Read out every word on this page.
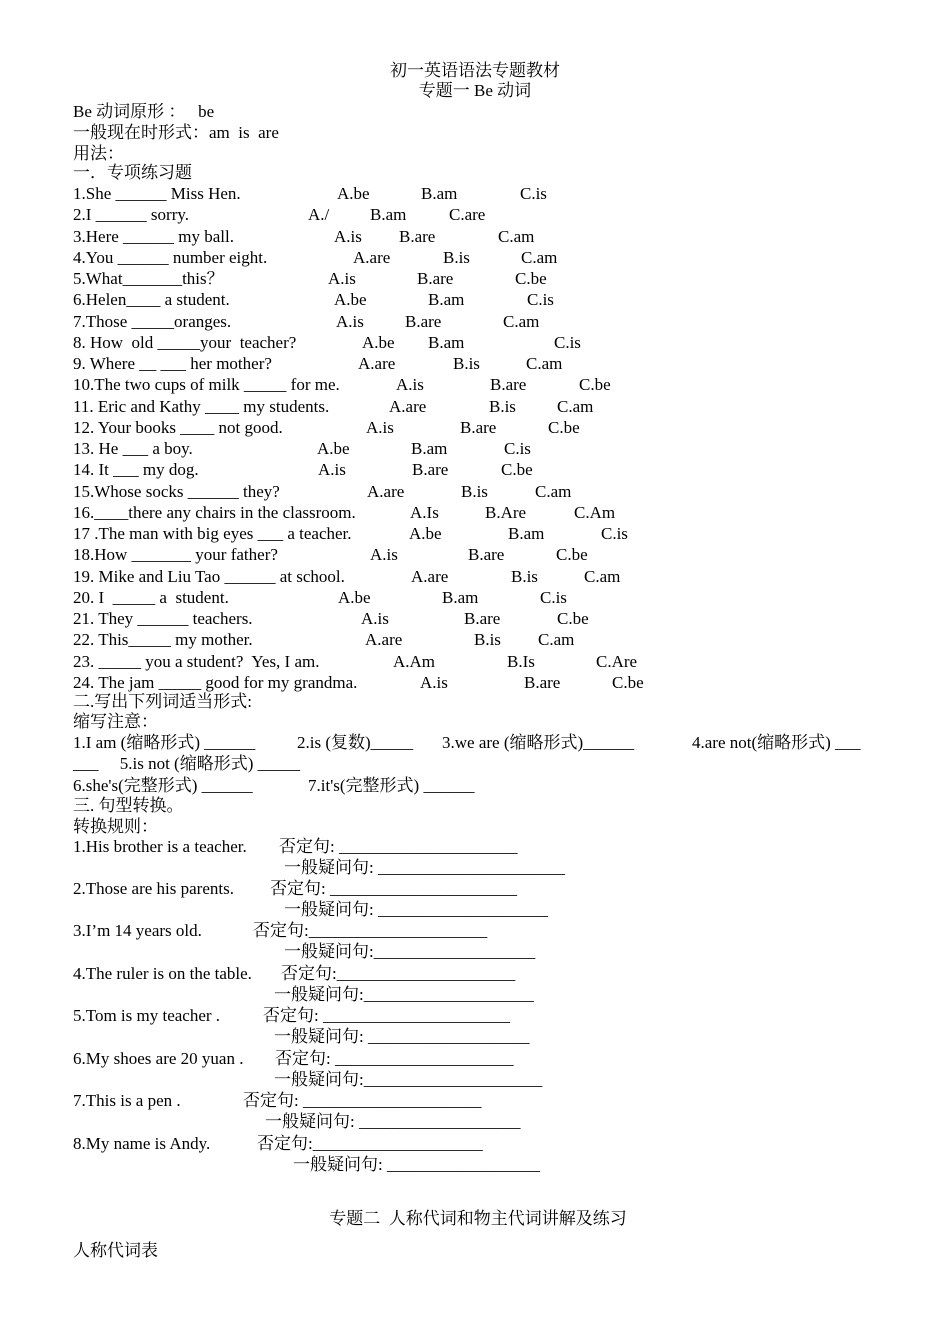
初一英语语法专题教材
专题一 Be 动词
Be 动词原形 ：   be
一般现在时形式：am  is  are
用法：
一．专项练习题
1.She ______ Miss Hen.	A.be	B.am	C.is
2.I ______ sorry.	A./ B.am	C.are
3.Here ______ my ball.	A.is B.are	C.am
4.You ______ number eight.	A.are	B.is	C.am
5.What_______this？	A.is	B.are	C.be
6.Helen____ a student.	A.be	B.am	C.is
7.Those _____oranges.	A.is B.are	C.am
8. How  old _____your  teacher?	A.be B.am	C.is
9. Where __ ___ her mother?	A.are	B.is	C.am
10.The two cups of milk _____ for me.	A.is	B.are	C.be
11. Eric and Kathy ____ my students.	A.are	B.is C.am
12. Your books ____ not good.	A.is	B.are	C.be
13. He ___ a boy.	A.be	B.am	C.is
14. It ___ my dog.	A.is	B.are	C.be
15.Whose socks ______ they?	A.are	B.is	C.am
16.____there any chairs in the classroom.	A.Is	B.Are	C.Am
17 .The man with big eyes ___ a teacher.	A.be	B.am	C.is
18.How _______ your father?	A.is	B.are	C.be
19. Mike and Liu Tao ______ at school.	A.are	B.is	C.am
20. I  _____ a  student.	A.be	B.am	C.is
21. They ______ teachers.	A.is	B.are	C.be
22. This_____ my mother.	A.are	B.is C.am
23. _____ you a student?  Yes, I am.	A.Am	B.Is	C.Are
24. The jam _____ good for my grandma.	A.is	B.are	C.be
二.写出下列词适当形式:
缩写注意：
1.I am (缩略形式) ______ 2.is (复数)_____ 3.we are (缩略形式)______	4.are not(缩略形式) ___
___     5.is not (缩略形式) _____
6.she's(完整形式) ______	7.it's(完整形式) ______
三. 句型转换。
转换规则：
1.His brother is a teacher. 否定句: _____________________
一般疑问句: ______________________
2.Those are his parents. 否定句: ______________________
一般疑问句: ____________________
3.I’m 14 years old.	否定句:_____________________
一般疑问句:___________________
4.The ruler is on the table. 否定句:_____________________
一般疑问句:____________________
5.Tom is my teacher .	否定句: ______________________
一般疑问句: ___________________
6.My shoes are 20 yuan . 否定句: _____________________
一般疑问句:_____________________
7.This is a pen .	否定句: _____________________
一般疑问句: ___________________
8.My name is Andy.	否定句:____________________
一般疑问句: __________________
专题二  人称代词和物主代词讲解及练习
人称代词表
